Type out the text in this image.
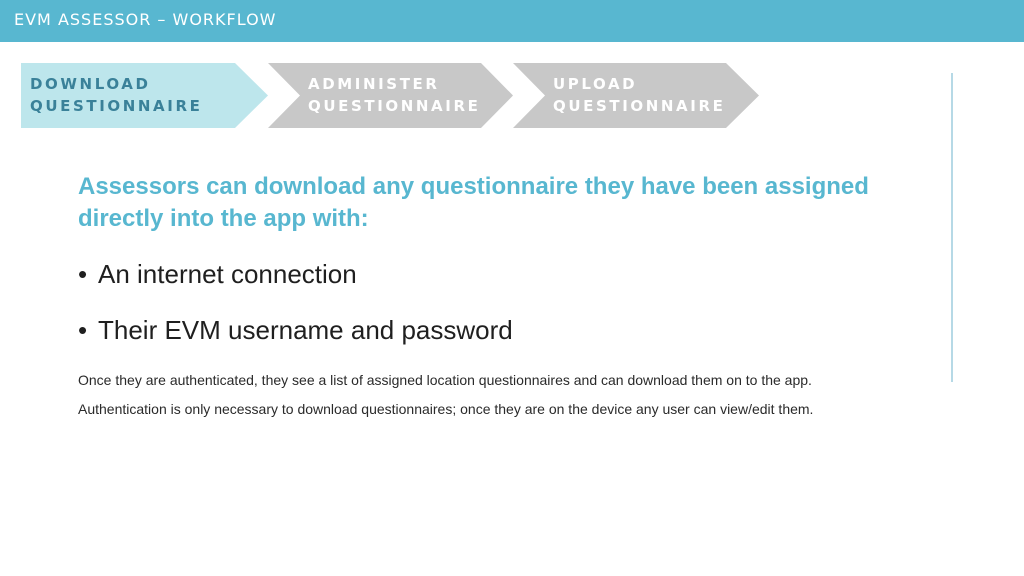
EVM ASSESSOR – WORKFLOW
DOWNLOAD
QUESTIONNAIRE
ADMINISTER
QUESTIONNAIRE
UPLOAD
QUESTIONNAIRE
Assessors can download any questionnaire they have been assigned directly into the app with:
• An internet connection
• Their EVM username and password
Once they are authenticated, they see a list of assigned location questionnaires and can download them on to the app.
Authentication is only necessary to download questionnaires; once they are on the device any user can view/edit them.
